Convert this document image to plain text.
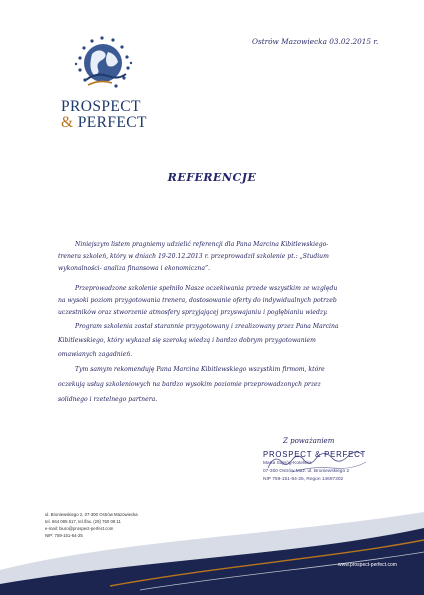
Ostrów Mazowiecka 03.02.2015 r.
PROSPECT
& PERFECT
REFERENCJE
Niniejszym listem pragniemy udzielić referencji dla Pana Marcina Kibitlewskiego-
trenera szkoleń, który w dniach 19-20.12.2013 r. przeprowadził szkolenie pt.: „Studium
wykonalności- analiza finansowa i ekonomiczna”.
Przeprowadzone szkolenie spełniło Nasze oczekiwania przede wszystkim ze względu
na wysoki poziom przygotowania trenera, dostosowanie oferty do indywidualnych potrzeb
uczestników oraz stworzenie atmosfery sprzyjającej przyswajaniu i pogłębianiu wiedzy.
Program szkolenia został starannie przygotowany i zrealizowany przez Pana Marcina
Kibitlewskiego, który wykazał się szeroką wiedzą i bardzo dobrym przygotowaniem
omawianych zagadnień.
Tym samym rekomenduję Pana Marcina Kibitlewskiego wszystkim firmom, które
oczekują usług szkoleniowych na bardzo wysokim poziomie przeprowadzonych przez
solidnego i rzetelnego partnera.
Z poważaniem
PROSPECT & PERFECT
Marta Sajnóg-Kotelska
07-300 Ostrów Maz. ul. Broniewskiego 2
NIP 759-151-64-25, Regon 14697302
ul. Broniewskiego 2, 07-300 Ostrów Mazowiecka
tel. 664 085 517, tel./fax. (29) 760 08 11
e-mail: biuro@prospect-perfect.com
NIP: 759-151-64-25
www.prospect-perfect.com
